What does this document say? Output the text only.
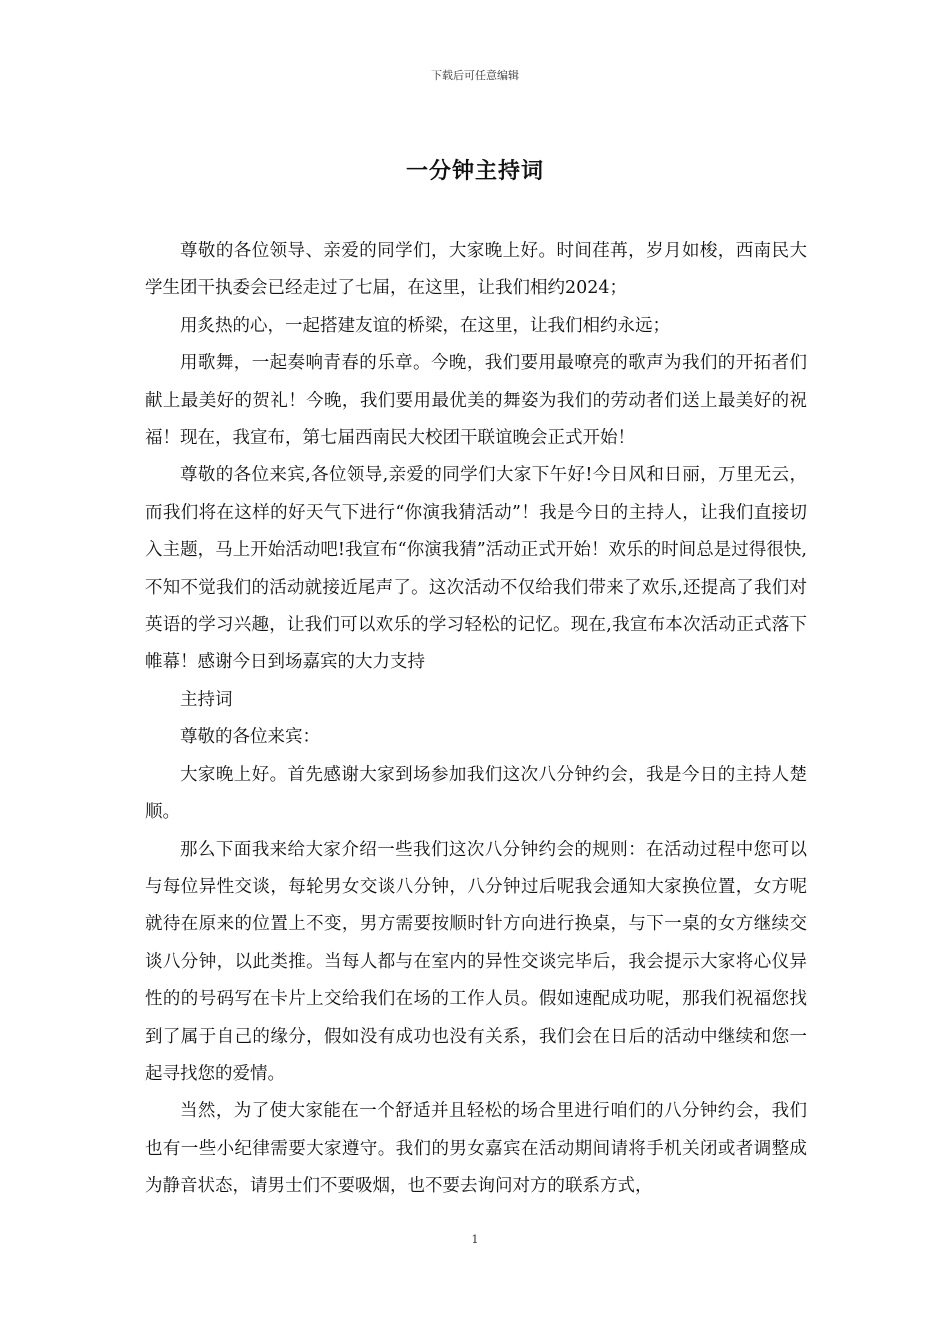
下载后可任意编辑
一分钟主持词

尊敬的各位领导、亲爱的同学们，大家晚上好。时间荏苒，岁月如梭，西南民大学生团干执委会已经走过了七届，在这里，让我们相约2024；

用炙热的心，一起搭建友谊的桥梁，在这里，让我们相约永远；

用歌舞，一起奏响青春的乐章。今晚，我们要用最嘹亮的歌声为我们的开拓者们献上最美好的贺礼！今晚，我们要用最优美的舞姿为我们的劳动者们送上最美好的祝福！现在，我宣布，第七届西南民大校团干联谊晚会正式开始！

尊敬的各位来宾,各位领导,亲爱的同学们大家下午好!今日风和日丽，万里无云，而我们将在这样的好天气下进行“你演我猜活动”！我是今日的主持人，让我们直接切入主题，马上开始活动吧!我宣布“你演我猜”活动正式开始！欢乐的时间总是过得很快,不知不觉我们的活动就接近尾声了。这次活动不仅给我们带来了欢乐,还提高了我们对英语的学习兴趣，让我们可以欢乐的学习轻松的记忆。现在,我宣布本次活动正式落下帷幕！感谢今日到场嘉宾的大力支持

主持词

尊敬的各位来宾：

大家晚上好。首先感谢大家到场参加我们这次八分钟约会，我是今日的主持人楚顺。

那么下面我来给大家介绍一些我们这次八分钟约会的规则：在活动过程中您可以与每位异性交谈，每轮男女交谈八分钟，八分钟过后呢我会通知大家换位置，女方呢就待在原来的位置上不变，男方需要按顺时针方向进行换桌，与下一桌的女方继续交谈八分钟，以此类推。当每人都与在室内的异性交谈完毕后，我会提示大家将心仪异性的的号码写在卡片上交给我们在场的工作人员。假如速配成功呢，那我们祝福您找到了属于自己的缘分，假如没有成功也没有关系，我们会在日后的活动中继续和您一起寻找您的爱情。

当然，为了使大家能在一个舒适并且轻松的场合里进行咱们的八分钟约会，我们也有一些小纪律需要大家遵守。我们的男女嘉宾在活动期间请将手机关闭或者调整成为静音状态，请男士们不要吸烟，也不要去询问对方的联系方式，

1
